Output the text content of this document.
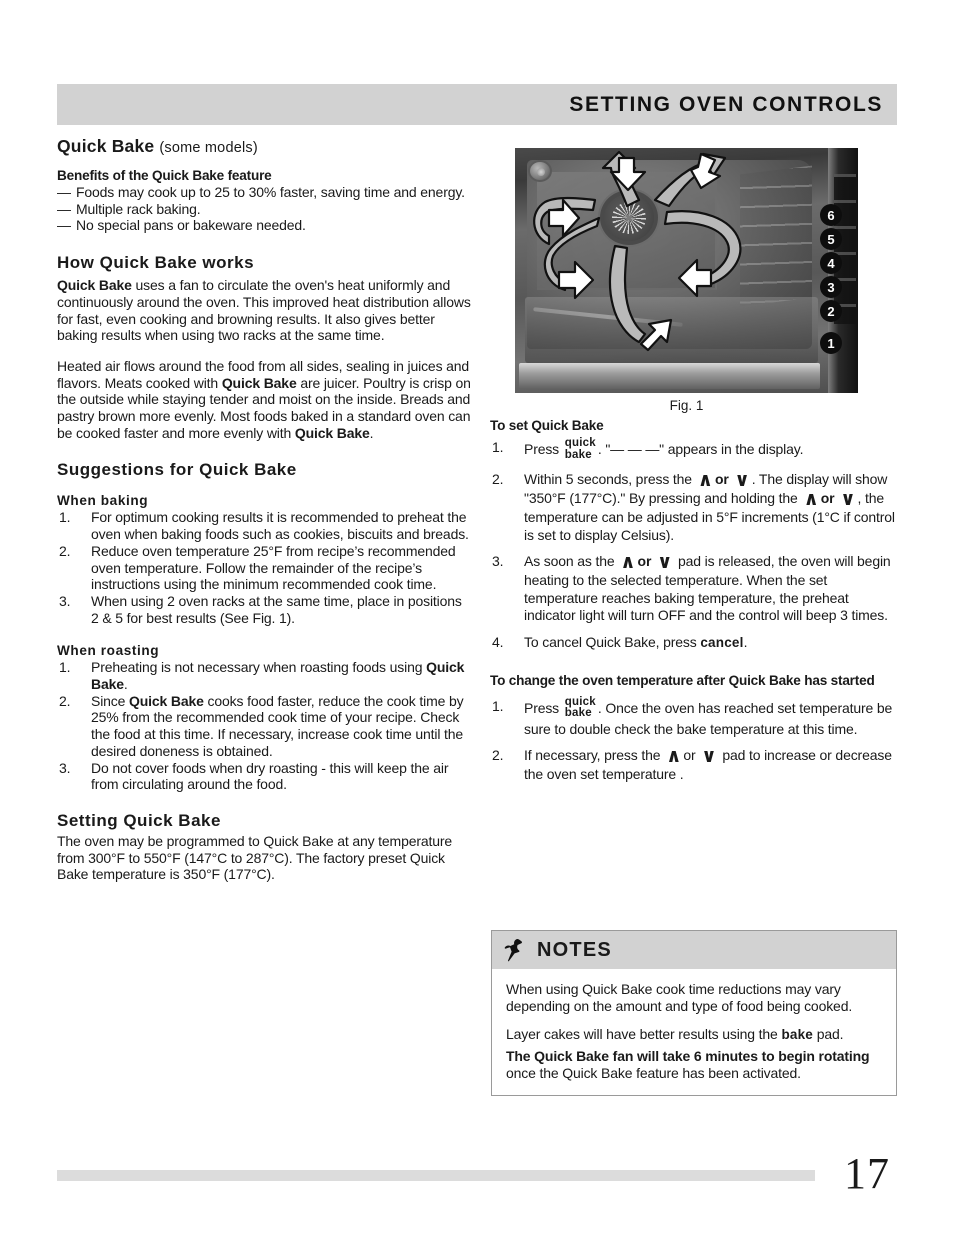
SETTING OVEN CONTROLS
Quick Bake (some models)
Benefits of the Quick Bake feature
— Foods may cook up to 25 to 30% faster, saving time and energy.
— Multiple rack baking.
— No special pans or bakeware needed.
How Quick Bake works

Quick Bake uses a fan to circulate the oven's heat uniformly and continuously around the oven. This improved heat distribution allows for fast, even cooking and browning results. It also gives better baking results when using two racks at the same time.

Heated air flows around the food from all sides, sealing in juices and flavors. Meats cooked with Quick Bake are juicer. Poultry is crisp on the outside while staying tender and moist on the inside. Breads and pastry brown more evenly. Most foods baked in a standard oven can be cooked faster and more evenly with Quick Bake.

Suggestions for Quick Bake
When baking
1.	For optimum cooking results it is recommended to preheat the oven when baking foods such as cookies, biscuits and breads.
2.	Reduce oven temperature 25°F from recipe’s recommended oven temperature. Follow the remainder of the recipe’s instructions using the minimum recommended cook time.
3.	When using 2 oven racks at the same time, place in positions 2 & 5 for best results (See Fig. 1).
When roasting
1.	Preheating is not necessary when roasting foods using Quick Bake.
2.	Since Quick Bake cooks food faster, reduce the cook time by 25% from the recommended cook time of your recipe. Check the food at this time. If necessary, increase cook time until the desired doneness is obtained.
3.	Do not cover foods when dry roasting - this will keep the air from circulating around the food.
Setting Quick Bake

The oven may be programmed to Quick Bake at any temperature from 300°F to 550°F (147°C to 287°C). The factory preset Quick Bake temperature is 350°F (177°C).

6
5
4
3
2
1
Fig. 1
To set Quick Bake
1.	Press quick
bake . "— — —" appears in the display.
2.	Within 5 seconds, press the ∧ or ∨ . The display will show "350°F (177°C)." By pressing and holding the ∧ or ∨ , the temperature can be adjusted in 5°F increments (1°C if control is set to display Celsius).
3.	As soon as the ∧ or ∨ pad is released, the oven will begin heating to the selected temperature. When the set temperature reaches baking temperature, the preheat indicator light will turn OFF and the control will beep 3 times.
4.	To cancel Quick Bake, press cancel.
To change the oven temperature after Quick Bake has started
1.	Press quick
bake . Once the oven has reached set temperature be sure to double check the bake temperature at this time.
2.	If necessary, press the ∧ or ∨ pad to increase or decrease the oven set temperature .
NOTES

When using Quick Bake cook time reductions may vary depending on the amount and type of food being cooked.

Layer cakes will have better results using the bake pad.

The Quick Bake fan will take 6 minutes to begin rotating once the Quick Bake feature has been activated.

17
